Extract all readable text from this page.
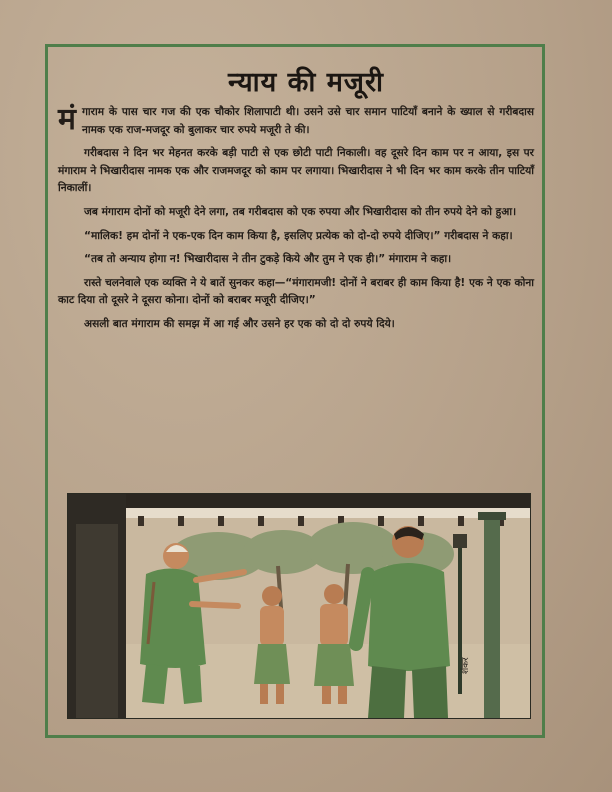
न्याय की मजूरी

मंगाराम के पास चार गज की एक चौकोर शिलापाटी थी। उसने उसे चार समान पाटियाँ बनाने के ख्याल से गरीबदास नामक एक राज-मजदूर को बुलाकर चार रुपये मजूरी ते की।

गरीबदास ने दिन भर मेहनत करके बड़ी पाटी से एक छोटी पाटी निकाली। वह दूसरे दिन काम पर न आया, इस पर मंगाराम ने भिखारीदास नामक एक और राजमजदूर को काम पर लगाया। भिखारीदास ने भी दिन भर काम करके तीन पाटियाँ निकालीं।

जब मंगाराम दोनों को मजूरी देने लगा, तब गरीबदास को एक रुपया और भिखारीदास को तीन रुपये देने को हुआ।

“मालिक! हम दोनों ने एक-एक दिन काम किया है, इसलिए प्रत्येक को दो-दो रुपये दीजिए।” गरीबदास ने कहा।

“तब तो अन्याय होगा न! भिखारीदास ने तीन टुकड़े किये और तुम ने एक ही।” मंगाराम ने कहा।

रास्ते चलनेवाले एक व्यक्ति ने ये बातें सुनकर कहा—“मंगारामजी! दोनों ने बराबर ही काम किया है! एक ने एक कोना काट दिया तो दूसरे ने दूसरा कोना। दोनों को बराबर मजूरी दीजिए।”

असली बात मंगाराम की समझ में आ गई और उसने हर एक को दो दो रुपये दिये।

शंकर
